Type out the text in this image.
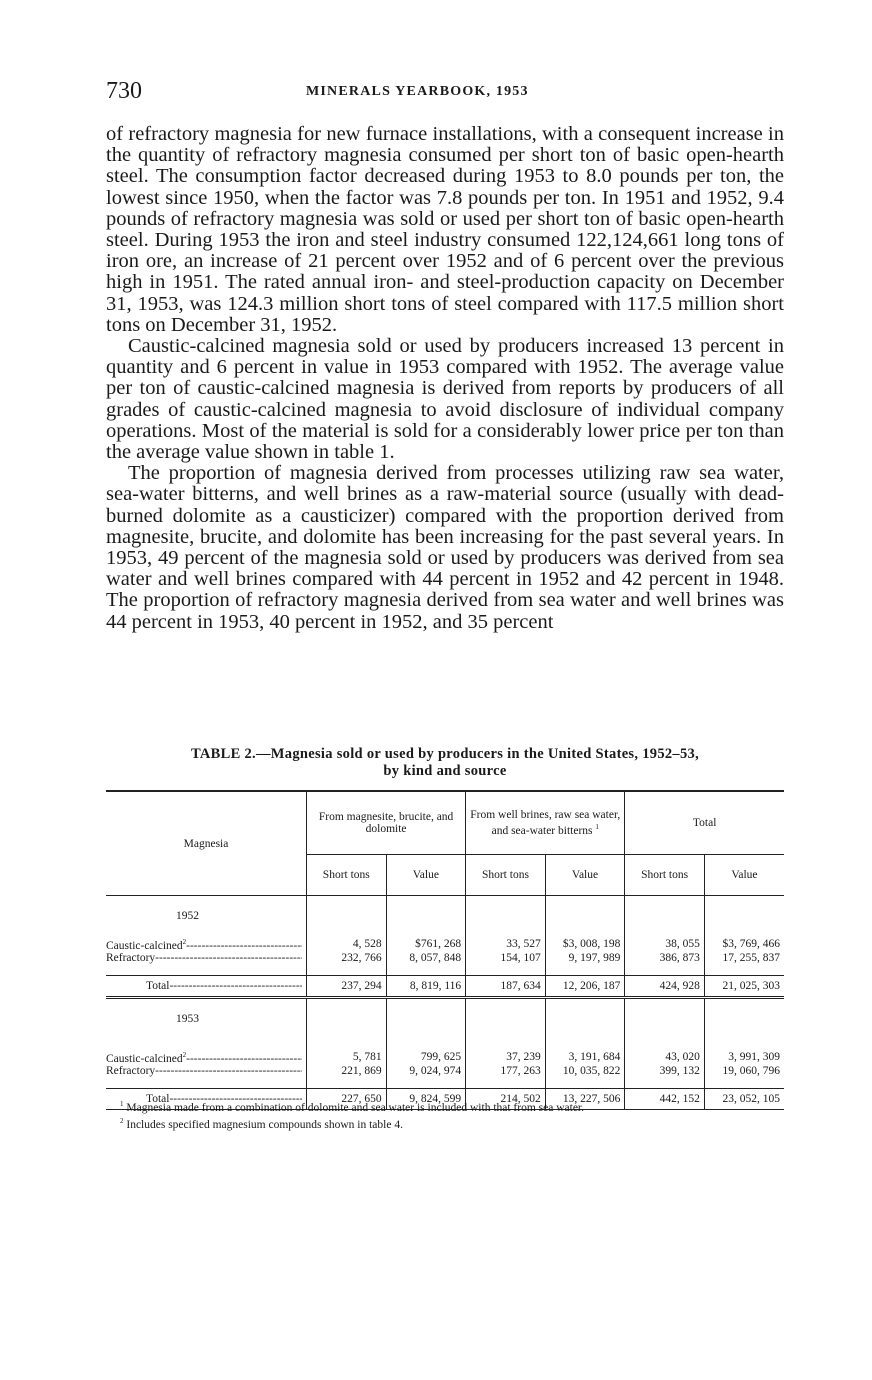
730	MINERALS YEARBOOK, 1953

of refractory magnesia for new furnace installations, with a consequent increase in the quantity of refractory magnesia consumed per short ton of basic open-hearth steel. The consumption factor decreased during 1953 to 8.0 pounds per ton, the lowest since 1950, when the factor was 7.8 pounds per ton. In 1951 and 1952, 9.4 pounds of refractory magnesia was sold or used per short ton of basic open-hearth steel. During 1953 the iron and steel industry consumed 122,124,661 long tons of iron ore, an increase of 21 percent over 1952 and of 6 percent over the previous high in 1951. The rated annual iron- and steel-production capacity on December 31, 1953, was 124.3 million short tons of steel compared with 117.5 million short tons on December 31, 1952.

Caustic-calcined magnesia sold or used by producers increased 13 percent in quantity and 6 percent in value in 1953 compared with 1952. The average value per ton of caustic-calcined magnesia is derived from reports by producers of all grades of caustic-calcined magnesia to avoid disclosure of individual company operations. Most of the material is sold for a considerably lower price per ton than the average value shown in table 1.

The proportion of magnesia derived from processes utilizing raw sea water, sea-water bitterns, and well brines as a raw-material source (usually with dead-burned dolomite as a causticizer) compared with the proportion derived from magnesite, brucite, and dolomite has been increasing for the past several years. In 1953, 49 percent of the magnesia sold or used by producers was derived from sea water and well brines compared with 44 percent in 1952 and 42 percent in 1948. The proportion of refractory magnesia derived from sea water and well brines was 44 percent in 1953, 40 percent in 1952, and 35 percent

TABLE 2.—Magnesia sold or used by producers in the United States, 1952–53,
by kind and source
Magnesia	From magnesite, brucite, and dolomite		From well brines, raw sea water, and sea-water bitterns $^1$		Total	
	Short tons	Value	Short tons	Value	Short tons	Value
1952						

Caustic-calcined$^2$ -----	4, 528	$761, 268	33, 527	$3, 008, 198	38, 055	$3, 769, 466

Refractory -----	232, 766	8, 057, 848	154, 107	9, 197, 989	386, 873	17, 255, 837

Total -----	237, 294	8, 819, 116	187, 634	12, 206, 187	424, 928	21, 025, 303
1953						

Caustic-calcined$^2$ -----	5, 781	799, 625	37, 239	3, 191, 684	43, 020	3, 991, 309

Refractory -----	221, 869	9, 024, 974	177, 263	10, 035, 822	399, 132	19, 060, 796

Total -----	227, 650	9, 824, 599	214, 502	13, 227, 506	442, 152	23, 052, 105
$^1$ Magnesia made from a combination of dolomite and sea water is included with that from sea water.
$^2$ Includes specified magnesium compounds shown in table 4.
